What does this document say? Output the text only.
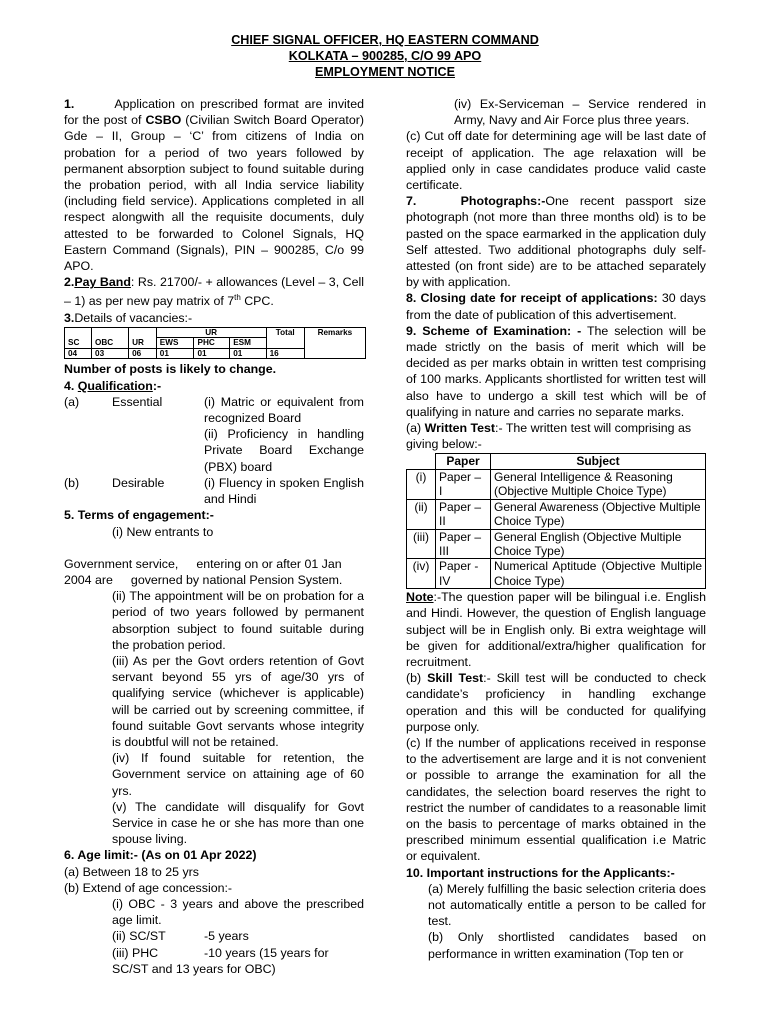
CHIEF SIGNAL OFFICER, HQ EASTERN COMMAND
KOLKATA – 900285, C/O 99 APO
EMPLOYMENT NOTICE

1.	Application on prescribed format are invited for the post of CSBO (Civilian Switch Board Operator) Gde – II, Group – ‘C’ from citizens of India on probation for a period of two years followed by permanent absorption subject to found suitable during the probation period, with all India service liability (including field service). Applications completed in all respect alongwith all the requisite documents, duly attested to be forwarded to Colonel Signals, HQ Eastern Command (Signals), PIN – 900285, C/o 99 APO.

2.Pay Band: Rs. 21700/- + allowances (Level – 3, Cell – 1) as per new pay matrix of 7th CPC.

3.Details of vacancies:-

SC	OBC	UR	UR			Total	Remarks
			EWS	PHC	ESM		
04	03	06	01	01	01	16	

Number of posts is likely to change.

4. Qualification:-

(a)	Essential	(i) Matric or equivalent from recognized Board

(ii) Proficiency in handling Private Board Exchange (PBX) board

(b)	Desirable	(i) Fluency in spoken English and Hindi

5. Terms of engagement:-

(i) New entrants to

Government service, entering on or after 01 Jan

2004 are governed by national Pension System.

(ii) The appointment will be on probation for a period of two years followed by permanent absorption subject to found suitable during the probation period.

(iii) As per the Govt orders retention of Govt servant beyond 55 yrs of age/30 yrs of qualifying service (whichever is applicable) will be carried out by screening committee, if found suitable Govt servants whose integrity is doubtful will not be retained.

(iv) If found suitable for retention, the Government service on attaining age of 60 yrs.

(v) The candidate will disqualify for Govt Service in case he or she has more than one spouse living.

6. Age limit:- (As on 01 Apr 2022)

(a) Between 18 to 25 yrs

(b) Extend of age concession:-

(i) OBC - 3 years and above the prescribed age limit.

(ii) SC/ST	-5 years

(iii) PHC	-10 years (15 years for SC/ST and 13 years for OBC)

(iv) Ex-Serviceman – Service rendered in Army, Navy and Air Force plus three years.

(c) Cut off date for determining age will be last date of receipt of application. The age relaxation will be applied only in case candidates produce valid caste certificate.

7.    Photographs:-One recent passport size photograph (not more than three months old) is to be pasted on the space earmarked in the application duly Self attested. Two additional photographs duly self-attested (on front side) are to be attached separately by with application.

8. Closing date for receipt of applications: 30 days from the date of publication of this advertisement.

9. Scheme of Examination: - The selection will be made strictly on the basis of merit which will be decided as per marks obtain in written test comprising of 100 marks. Applicants shortlisted for written test will also have to undergo a skill test which will be of qualifying in nature and carries no separate marks.

(a) Written Test:- The written test will comprising as giving below:-

	Paper	Subject
(i)	Paper – I	General Intelligence & Reasoning (Objective Multiple Choice Type)
(ii)	Paper – II	General Awareness (Objective Multiple Choice Type)
(iii)	Paper – III	General English (Objective Multiple Choice Type)
(iv)	Paper - IV	Numerical Aptitude (Objective Multiple Choice Type)

Note:-The question paper will be bilingual i.e. English and Hindi. However, the question of English language subject will be in English only. Bi extra weightage will be given for additional/extra/higher qualification for recruitment.

(b) Skill Test:- Skill test will be conducted to check candidate’s proficiency in handling exchange operation and this will be conducted for qualifying purpose only.

(c) If the number of applications received in response to the advertisement are large and it is not convenient or possible to arrange the examination for all the candidates, the selection board reserves the right to restrict the number of candidates to a reasonable limit on the basis to percentage of marks obtained in the prescribed minimum essential qualification i.e Matric or equivalent.

10. Important instructions for the Applicants:-

(a) Merely fulfilling the basic selection criteria does not automatically entitle a person to be called for test.

(b) Only shortlisted candidates based on performance in written examination (Top ten or
